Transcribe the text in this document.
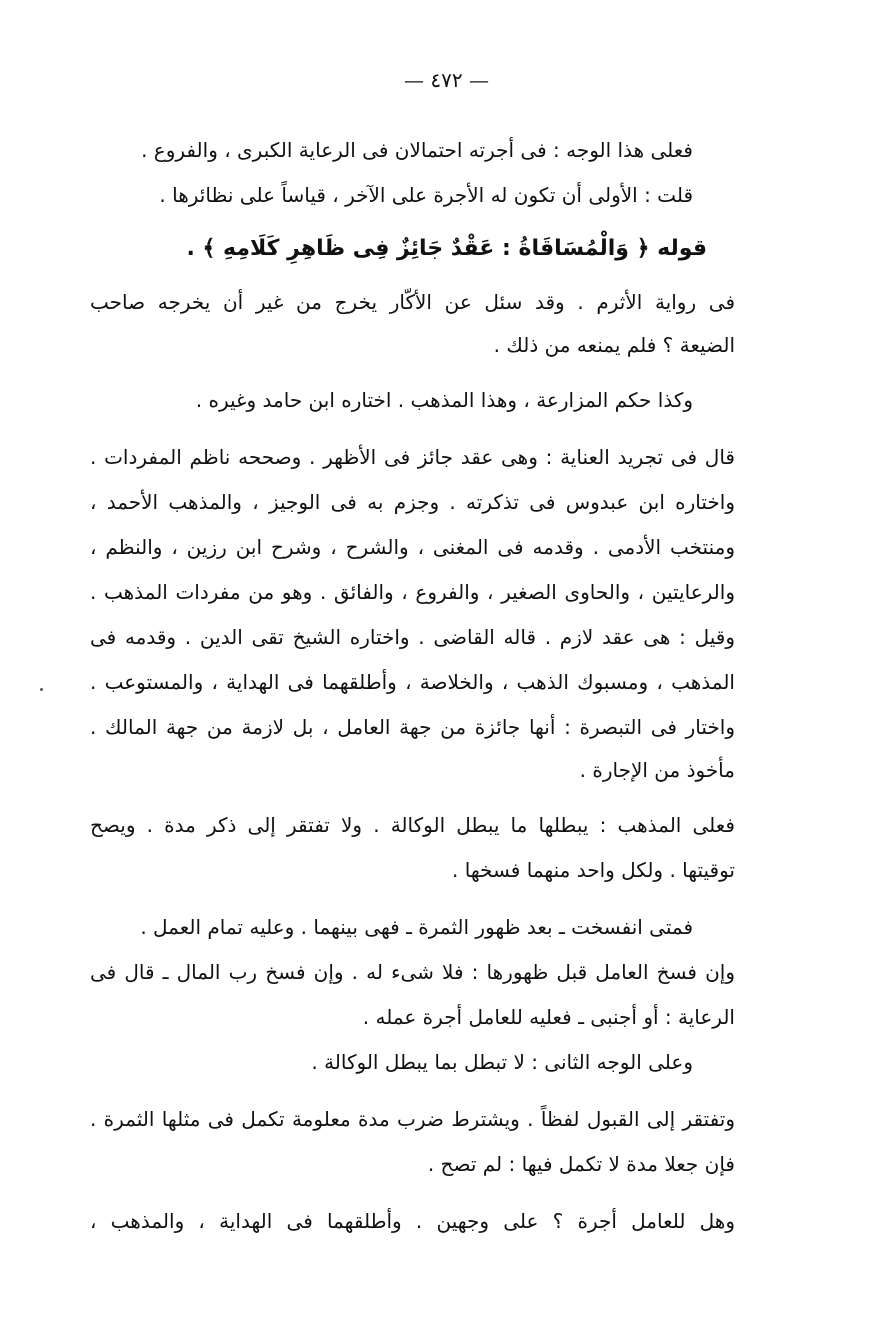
— ٤٧٢ —
فعلى هذا الوجه : فى أجرته احتمالان فى الرعاية الكبرى ، والفروع .
قلت : الأولى أن تكون له الأجرة على الآخر ، قياساً على نظائرها .
قوله ﴿ وَالْمُسَاقَاةُ : عَقْدٌ جَائِزٌ فِى ظَاهِرِ كَلَامِهِ ﴾ .
فى رواية الأثرم . وقد سئل عن الأكّار يخرج من غير أن يخرجه صاحب
الضيعة ؟ فلم يمنعه من ذلك .
وكذا حكم المزارعة ، وهذا المذهب . اختاره ابن حامد وغيره .
قال فى تجريد العناية : وهى عقد جائز فى الأظهر . وصححه ناظم المفردات .
واختاره ابن عبدوس فى تذكرته . وجزم به فى الوجيز ، والمذهب الأحمد ،
ومنتخب الأدمى . وقدمه فى المغنى ، والشرح ، وشرح ابن رزين ، والنظم ،
والرعايتين ، والحاوى الصغير ، والفروع ، والفائق . وهو من مفردات المذهب .
وقيل : هى عقد لازم . قاله القاضى . واختاره الشيخ تقى الدين . وقدمه فى
المذهب ، ومسبوك الذهب ، والخلاصة ، وأطلقهما فى الهداية ، والمستوعب .
واختار فى التبصرة : أنها جائزة من جهة العامل ، بل لازمة من جهة المالك .
مأخوذ من الإجارة .
فعلى المذهب : يبطلها ما يبطل الوكالة . ولا تفتقر إلى ذكر مدة . ويصح
توقيتها . ولكل واحد منهما فسخها .
فمتى انفسخت ـ بعد ظهور الثمرة ـ فهى بينهما . وعليه تمام العمل .
وإن فسخ العامل قبل ظهورها : فلا شىء له . وإن فسخ رب المال ـ قال فى
الرعاية : أو أجنبى ـ فعليه للعامل أجرة عمله .
وعلى الوجه الثانى : لا تبطل بما يبطل الوكالة .
وتفتقر إلى القبول لفظاً . ويشترط ضرب مدة معلومة تكمل فى مثلها الثمرة .
فإن جعلا مدة لا تكمل فيها : لم تصح .
وهل للعامل أجرة ؟ على وجهين . وأطلقهما فى الهداية ، والمذهب ،
